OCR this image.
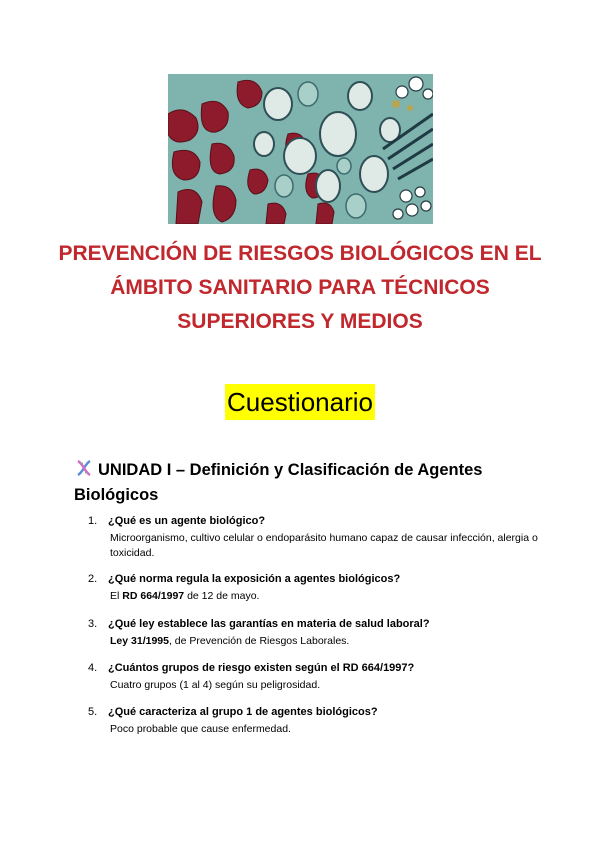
PREVENCIÓN DE RIESGOS BIOLÓGICOS EN EL ÁMBITO SANITARIO PARA TÉCNICOS SUPERIORES Y MEDIOS
Cuestionario
UNIDAD I – Definición y Clasificación de Agentes Biológicos
1. ¿Qué es un agente biológico?
Microorganismo, cultivo celular o endoparásito humano capaz de causar infección, alergia o toxicidad.
2. ¿Qué norma regula la exposición a agentes biológicos?
El RD 664/1997 de 12 de mayo.
3. ¿Qué ley establece las garantías en materia de salud laboral?
Ley 31/1995, de Prevención de Riesgos Laborales.
4. ¿Cuántos grupos de riesgo existen según el RD 664/1997?
Cuatro grupos (1 al 4) según su peligrosidad.
5. ¿Qué caracteriza al grupo 1 de agentes biológicos?
Poco probable que cause enfermedad.
